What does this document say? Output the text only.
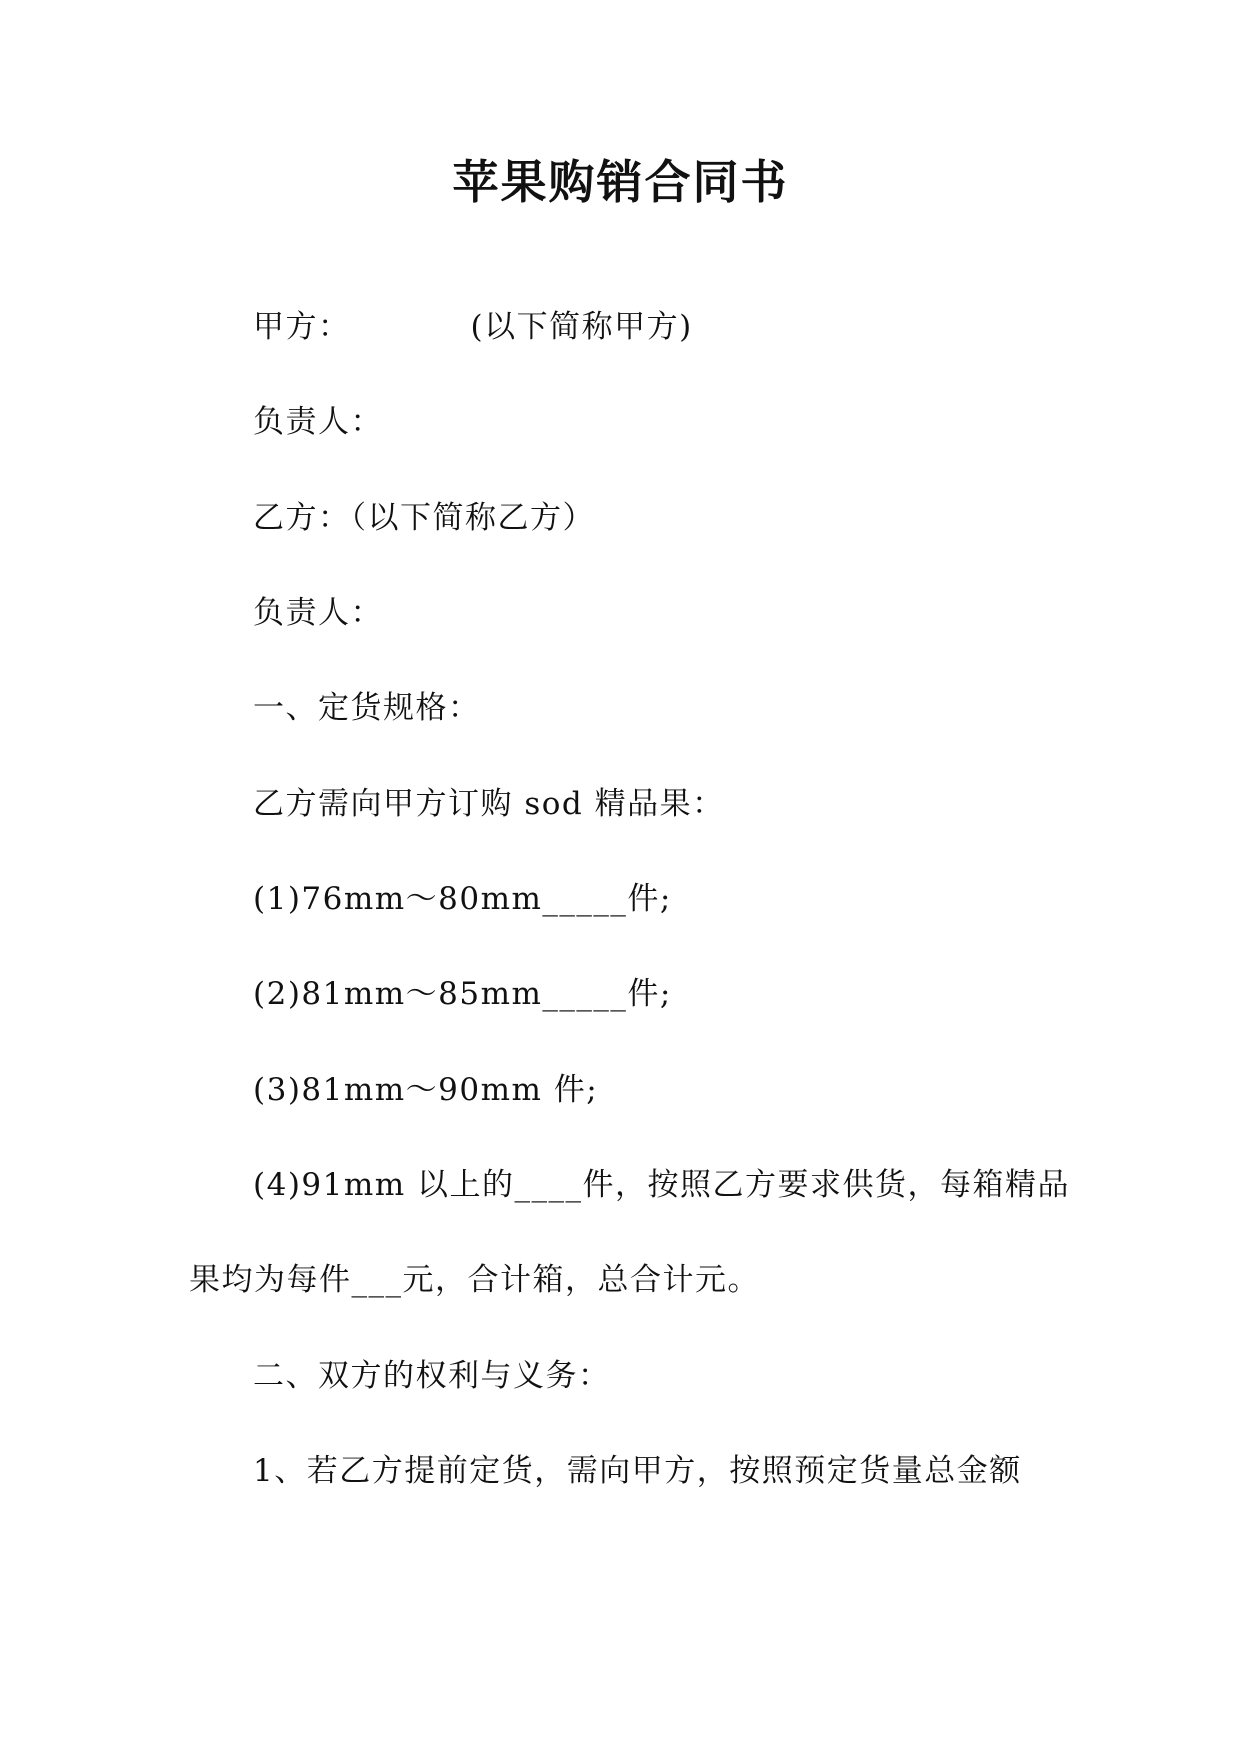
苹果购销合同书
甲方：	(以下简称甲方)
负责人：
乙方：（以下简称乙方）
负责人：
一、定货规格：
乙方需向甲方订购 sod 精品果：
(1)76mm～80mm_____件;
(2)81mm～85mm_____件;
(3)81mm～90mm 件;
(4)91mm 以上的____件，按照乙方要求供货，每箱精品
果均为每件___元，合计箱，总合计元。
二、双方的权利与义务：
1、若乙方提前定货，需向甲方，按照预定货量总金额
